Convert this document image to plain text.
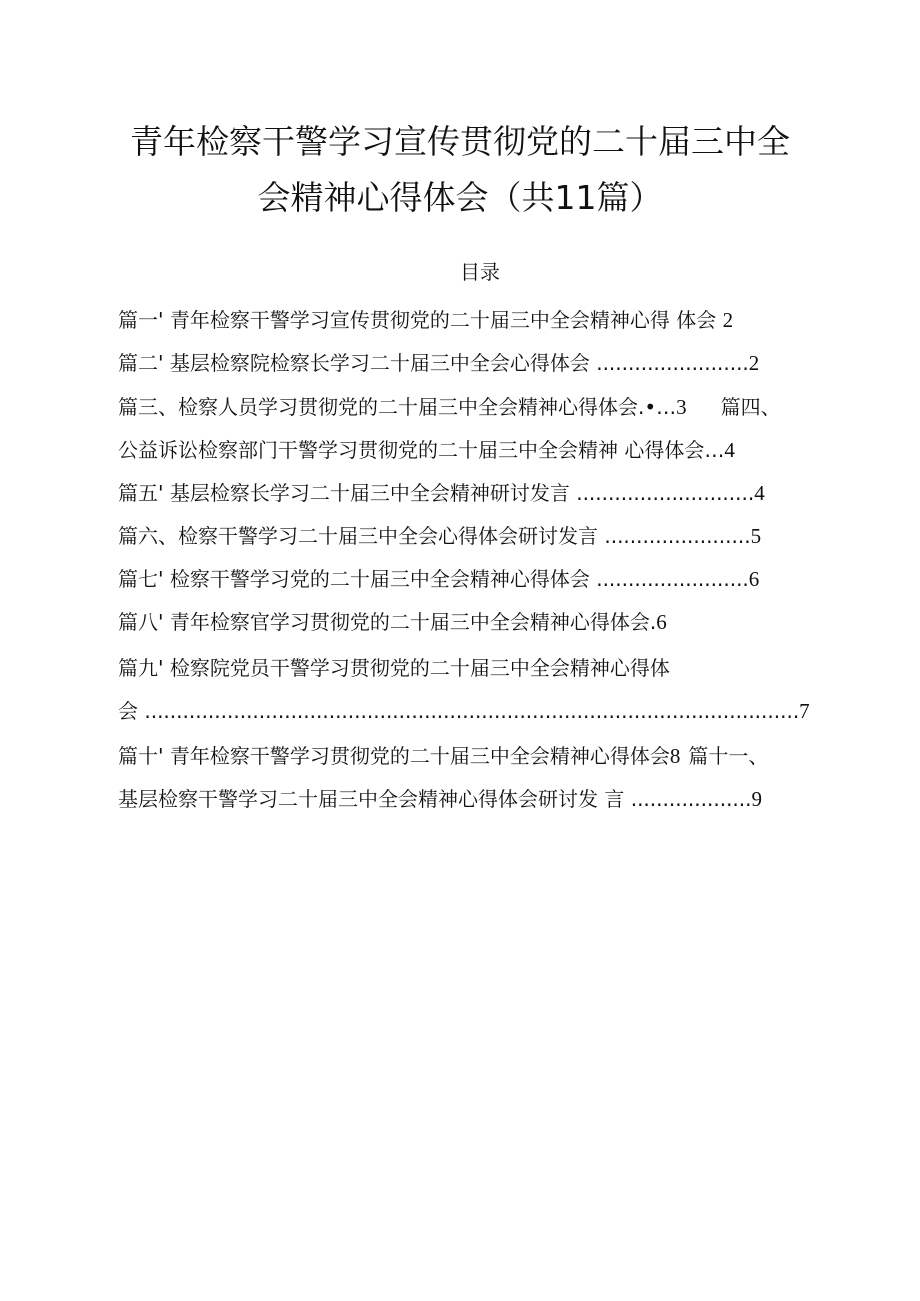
青年检察干警学习宣传贯彻党的二十届三中全
会精神心得体会（共11篇）
目录
篇一' 青年检察干警学习宣传贯彻党的二十届三中全会精神心得 体会 2
篇二' 基层检察院检察长学习二十届三中全会心得体会 ........................2
篇三、检察人员学习贯彻党的二十届三中全会精神心得体会.•…3 篇四、
公益诉讼检察部门干警学习贯彻党的二十届三中全会精神 心得体会…4
篇五' 基层检察长学习二十届三中全会精神研讨发言 ............................4
篇六、检察干警学习二十届三中全会心得体会研讨发言 .......................5
篇七' 检察干警学习党的二十届三中全会精神心得体会 ........................6
篇八' 青年检察官学习贯彻党的二十届三中全会精神心得体会.6
篇九' 检察院党员干警学习贯彻党的二十届三中全会精神心得体
会 .......................................................................................................7
篇十' 青年检察干警学习贯彻党的二十届三中全会精神心得体会8 篇十一、
基层检察干警学习二十届三中全会精神心得体会研讨发 言 ...................9
